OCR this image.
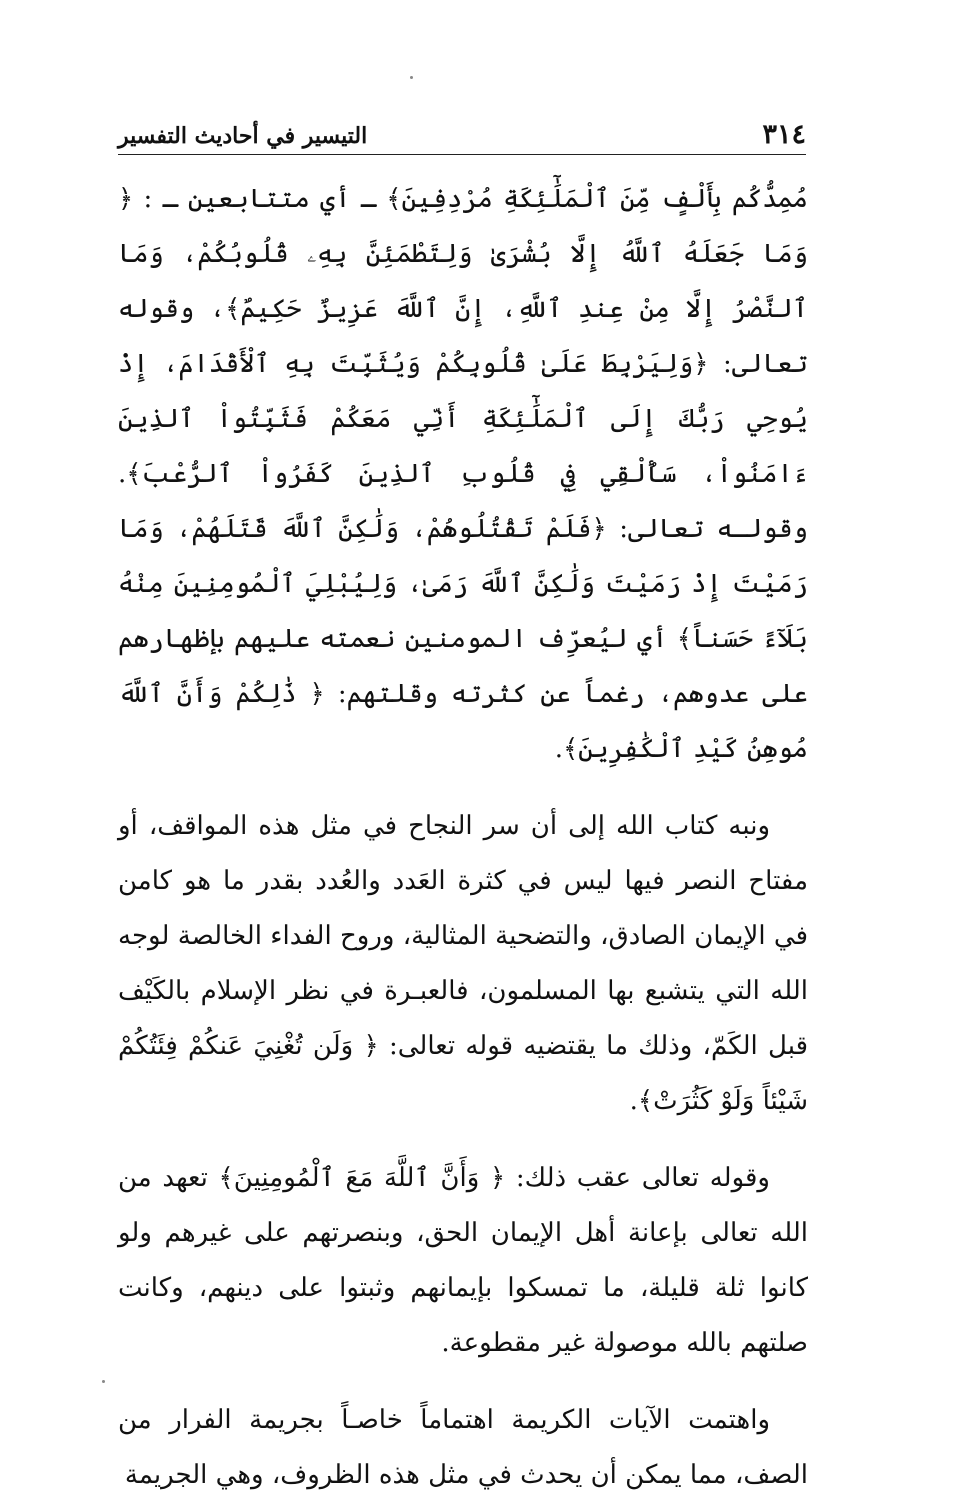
٣١٤
التيسير في أحاديث التفسير

مُمِدُّكُم بِأَلْفٍ مِّنَ ٱلْمَلَٰٓئِكَةِ مُرْدِفِينَ﴾ ـ أي متتابعين ـ : ﴿ وَمَا جَعَلَهُ ٱللَّهُ إِلَّا بُشْرَىٰ وَلِتَطْمَئِنَّ بِهِۦ قُلُوبُكُمْ، وَمَا ٱلنَّصْرُ إِلَّا مِنْ عِندِ ٱللَّهِ، إِنَّ ٱللَّهَ عَزِيزٌ حَكِيمٌ﴾، وقوله تعالى: ﴿وَلِيَرْبِطَ عَلَىٰ قُلُوبِكُمْ وَيُثَبِّتَ بِهِ ٱلْأَقْدَامَ، إِذْ يُوحِي رَبُّكَ إِلَى ٱلْمَلَٰٓئِكَةِ أَنِّي مَعَكُمْ فَثَبِّتُواْ ٱلذِينَ ءَامَنُواْ، سَأُلْقِي فِي قُلُوبِ ٱلذِينَ كَفَرُواْ ٱلرُّعْبَ﴾. وقولـه تعالى: ﴿فَلَمْ تَقْتُلُوهُمْ، وَلَٰكِنَّ ٱللَّهَ قَتَلَهُمْ، وَمَا رَمَيْتَ إِذْ رَمَيْتَ وَلَٰكِنَّ ٱللَّهَ رَمَىٰ، وَلِيُبْلِيَ ٱلْمُومِنِينَ مِنْهُ بَلَآءً حَسَناً﴾ أي ليُعرِّف المومنين نعمته عليهم بإظهارهم على عدوهم، رغماً عن كثرته وقلتهم: ﴿ ذَٰلِكُمْ وَأَنَّ ٱللَّهَ مُوهِنُ كَيْدِ ٱلْكَٰفِرِينَ﴾.

ونبه كتاب الله إلى أن سر النجاح في مثل هذه المواقف، أو مفتاح النصر فيها ليس في كثرة العَدد والعُدد بقدر ما هو كامن في الإيمان الصادق، والتضحية المثالية، وروح الفداء الخالصة لوجه الله التي يتشبع بها المسلمون، فالعبـرة في نظر الإسلام بالكَيْف قبل الكَمّ، وذلك ما يقتضيه قوله تعالى: ﴿ وَلَن تُغْنِيَ عَنكُمْ فِئَتُكُمْ شَيْئاً وَلَوْ كَثُرَتْ﴾.

وقوله تعالى عقب ذلك: ﴿ وَأَنَّ ٱللَّهَ مَعَ ٱلْمُومِنِينَ﴾ تعهد من الله تعالى بإعانة أهل الإيمان الحق، وبنصرتهم على غيرهم ولو كانوا ثلة قليلة، ما تمسكوا بإيمانهم وثبتوا على دينهم، وكانت صلتهم بالله موصولة غير مقطوعة.

واهتمت الآيات الكريمة اهتماماً خاصـاً بجريمة الفرار من الصف، مما يمكن أن يحدث في مثل هذه الظروف، وهي الجريمة
